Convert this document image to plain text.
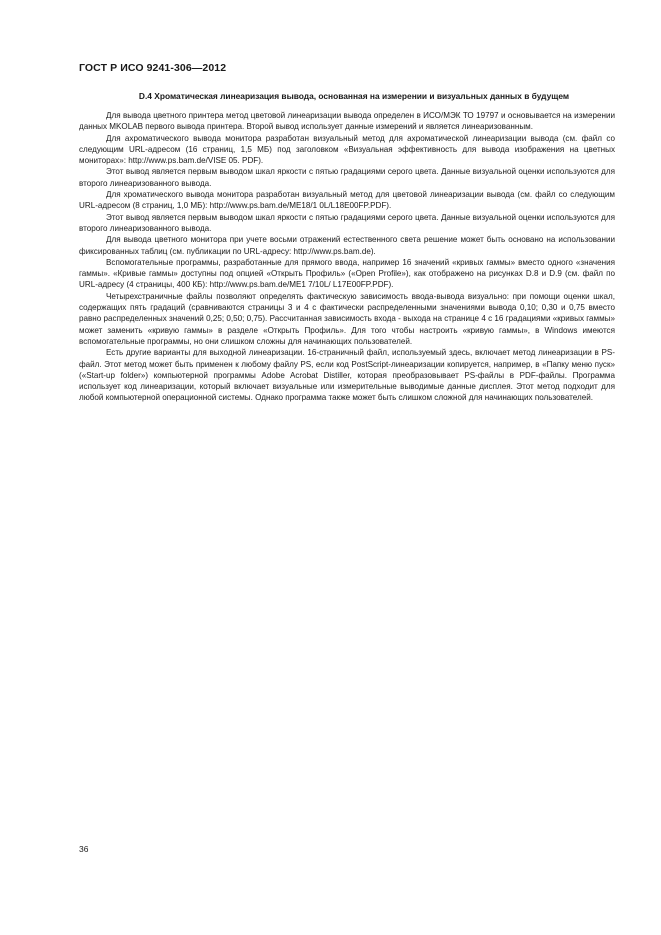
ГОСТ Р ИСО 9241-306—2012
D.4 Хроматическая линеаризация вывода, основанная на измерении и визуальных данных в будущем

Для вывода цветного принтера метод цветовой линеаризации вывода определен в ИСО/МЭК ТО 19797 и основывается на измерении данных MKOLAB первого вывода принтера. Второй вывод использует данные измерений и является линеаризованным.

Для ахроматического вывода монитора разработан визуальный метод для ахроматической линеаризации вывода (см. файл со следующим URL-адресом (16 страниц, 1,5 МБ) под заголовком «Визуальная эффективность для вывода изображения на цветных мониторах»: http://www.ps.bam.de/VISE 05. PDF).

Этот вывод является первым выводом шкал яркости с пятью градациями серого цвета. Данные визуальной оценки используются для второго линеаризованного вывода.

Для хроматического вывода монитора разработан визуальный метод для цветовой линеаризации вывода (см. файл со следующим URL-адресом (8 страниц, 1,0 МБ): http://www.ps.bam.de/ME18/1 0L/L18E00FP.PDF).

Этот вывод является первым выводом шкал яркости с пятью градациями серого цвета. Данные визуальной оценки используются для второго линеаризованного вывода.

Для вывода цветного монитора при учете восьми отражений естественного света решение может быть основано на использовании фиксированных таблиц (см. публикации по URL-адресу: http://www.ps.bam.de).

Вспомогательные программы, разработанные для прямого ввода, например 16 значений «кривых гаммы» вместо одного «значения гаммы». «Кривые гаммы» доступны под опцией «Открыть Профиль» («Open Profile»), как отображено на рисунках D.8 и D.9 (см. файл по URL-адресу (4 страницы, 400 КБ): http://www.ps.bam.de/ME1 7/10L/ L17E00FP.PDF).

Четырехстраничные файлы позволяют определять фактическую зависимость ввода-вывода визуально: при помощи оценки шкал, содержащих пять градаций (сравниваются страницы 3 и 4 с фактически распределенными значениями вывода 0,10; 0,30 и 0,75 вместо равно распределенных значений 0,25; 0,50; 0,75). Рассчитанная зависимость входа - выхода на странице 4 с 16 градациями «кривых гаммы» может заменить «кривую гаммы» в разделе «Открыть Профиль». Для того чтобы настроить «кривую гаммы», в Windows имеются вспомогательные программы, но они слишком сложны для начинающих пользователей.

Есть другие варианты для выходной линеаризации. 16-страничный файл, используемый здесь, включает метод линеаризации в PS-файл. Этот метод может быть применен к любому файлу PS, если код PostScript-линеаризации копируется, например, в «Папку меню пуск» («Start-up folder») компьютерной программы Adobe Acrobat Distiller, которая преобразовывает PS-файлы в PDF-файлы. Программа использует код линеаризации, который включает визуальные или измерительные выводимые данные дисплея. Этот метод подходит для любой компьютерной операционной системы. Однако программа также может быть слишком сложной для начинающих пользователей.

36
